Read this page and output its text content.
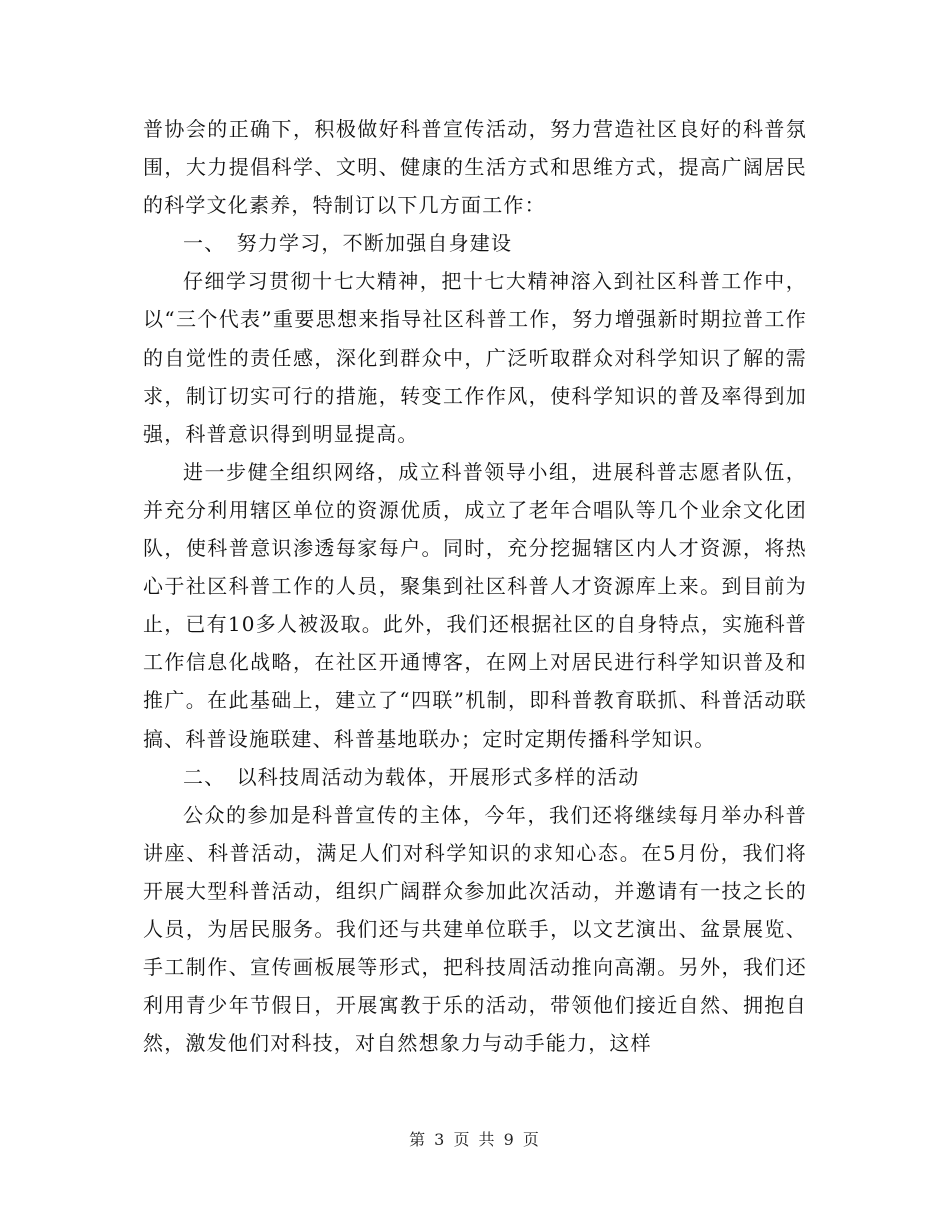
普协会的正确下，积极做好科普宣传活动，努力营造社区良好的科普氛围，大力提倡科学、文明、健康的生活方式和思维方式，提高广阔居民的科学文化素养，特制订以下几方面工作：

一、　努力学习，不断加强自身建设

仔细学习贯彻十七大精神，把十七大精神溶入到社区科普工作中，以“三个代表”重要思想来指导社区科普工作，努力增强新时期拉普工作的自觉性的责任感，深化到群众中，广泛听取群众对科学知识了解的需求，制订切实可行的措施，转变工作作风，使科学知识的普及率得到加强，科普意识得到明显提高。

进一步健全组织网络，成立科普领导小组，进展科普志愿者队伍，并充分利用辖区单位的资源优质，成立了老年合唱队等几个业余文化团队，使科普意识渗透每家每户。同时，充分挖掘辖区内人才资源，将热心于社区科普工作的人员，聚集到社区科普人才资源库上来。到目前为止，已有10多人被汲取。此外，我们还根据社区的自身特点，实施科普工作信息化战略，在社区开通博客，在网上对居民进行科学知识普及和推广。在此基础上，建立了“四联”机制，即科普教育联抓、科普活动联搞、科普设施联建、科普基地联办；定时定期传播科学知识。

二、　以科技周活动为载体，开展形式多样的活动

公众的参加是科普宣传的主体，今年，我们还将继续每月举办科普讲座、科普活动，满足人们对科学知识的求知心态。在5月份，我们将开展大型科普活动，组织广阔群众参加此次活动，并邀请有一技之长的人员，为居民服务。我们还与共建单位联手，以文艺演出、盆景展览、手工制作、宣传画板展等形式，把科技周活动推向高潮。另外，我们还利用青少年节假日，开展寓教于乐的活动，带领他们接近自然、拥抱自然，激发他们对科技，对自然想象力与动手能力，这样

第 3 页 共 9 页
